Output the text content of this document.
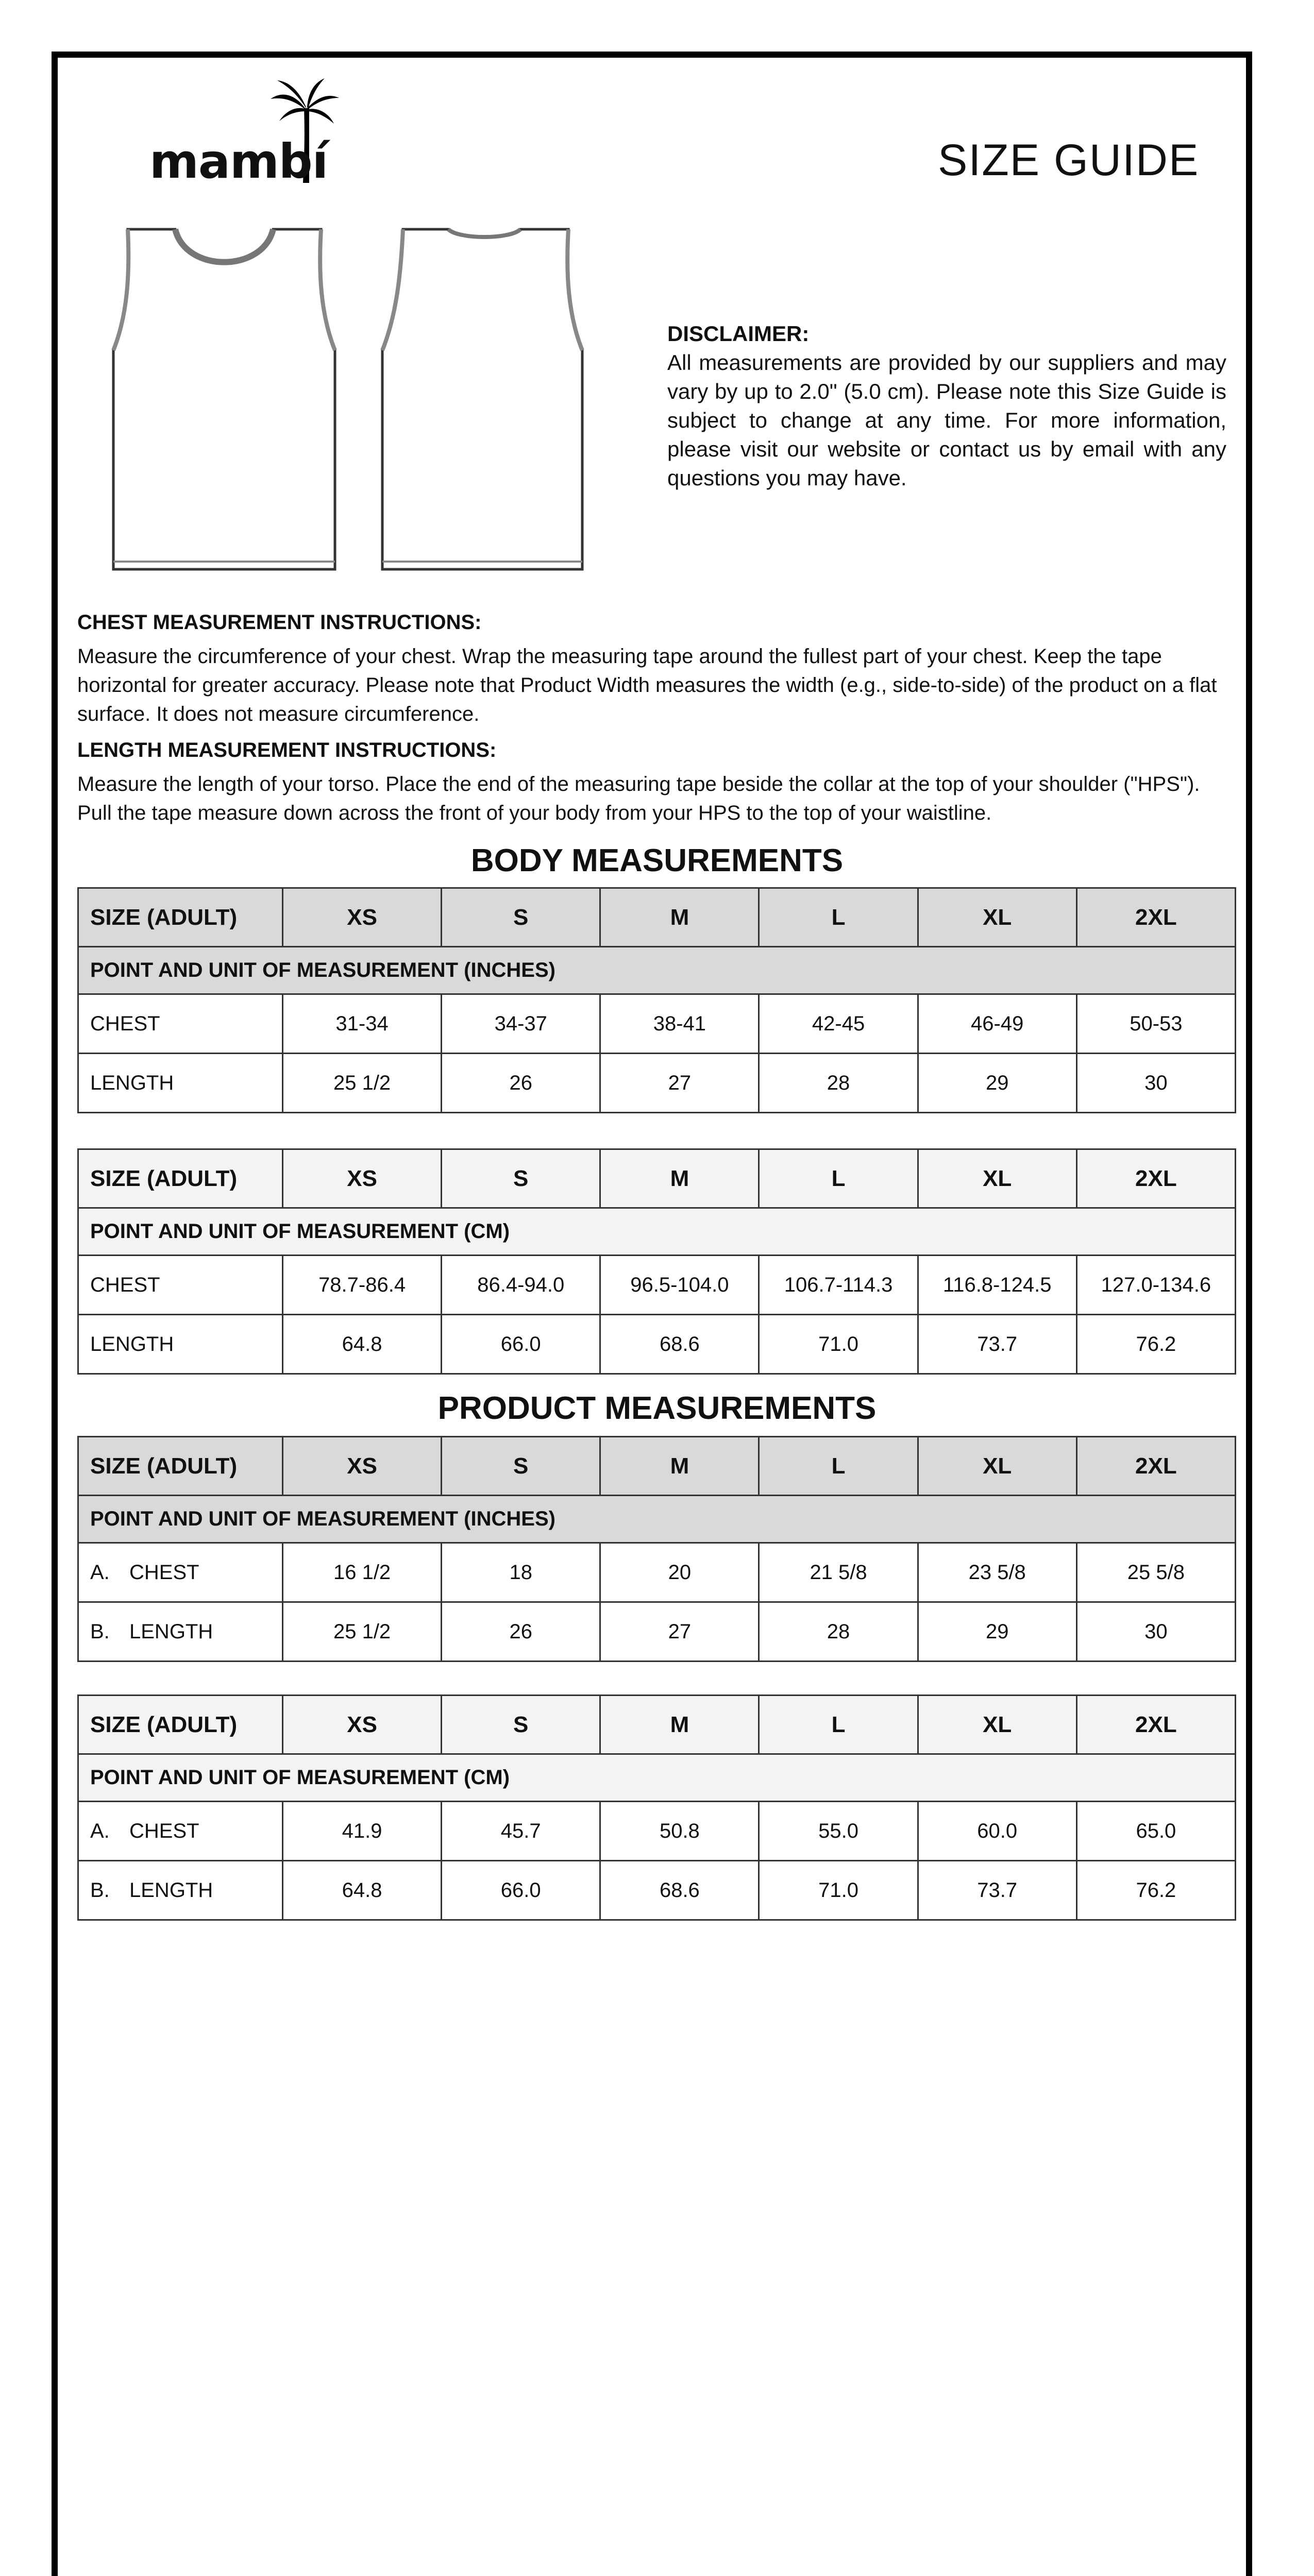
mambí	SIZE GUIDE
DISCLAIMER:
All measurements are provided by our suppliers and may vary by up to 2.0" (5.0 cm). Please note this Size Guide is subject to change at any time. For more information, please visit our website or contact us by email with any questions you may have.
CHEST MEASUREMENT INSTRUCTIONS:
Measure the circumference of your chest. Wrap the measuring tape around the fullest part of your chest. Keep the tape horizontal for greater accuracy. Please note that Product Width measures the width (e.g., side-to-side) of the product on a flat surface. It does not measure circumference.
LENGTH MEASUREMENT INSTRUCTIONS:
Measure the length of your torso. Place the end of the measuring tape beside the collar at the top of your shoulder ("HPS"). Pull the tape measure down across the front of your body from your HPS to the top of your waistline.
BODY MEASUREMENTS
SIZE (ADULT)	XS	S	M	L	XL	2XL
POINT AND UNIT OF MEASUREMENT (INCHES)						
CHEST	31-34	34-37	38-41	42-45	46-49	50-53
LENGTH	25 1/2	26	27	28	29	30
SIZE (ADULT)	XS	S	M	L	XL	2XL
POINT AND UNIT OF MEASUREMENT (CM)						
CHEST	78.7-86.4	86.4-94.0	96.5-104.0	106.7-114.3	116.8-124.5	127.0-134.6
LENGTH	64.8	66.0	68.6	71.0	73.7	76.2
PRODUCT MEASUREMENTS
SIZE (ADULT)	XS	S	M	L	XL	2XL
POINT AND UNIT OF MEASUREMENT (INCHES)						
A. CHEST	16 1/2	18	20	21 5/8	23 5/8	25 5/8
B. LENGTH	25 1/2	26	27	28	29	30
SIZE (ADULT)	XS	S	M	L	XL	2XL
POINT AND UNIT OF MEASUREMENT (CM)						
A. CHEST	41.9	45.7	50.8	55.0	60.0	65.0
B. LENGTH	64.8	66.0	68.6	71.0	73.7	76.2
